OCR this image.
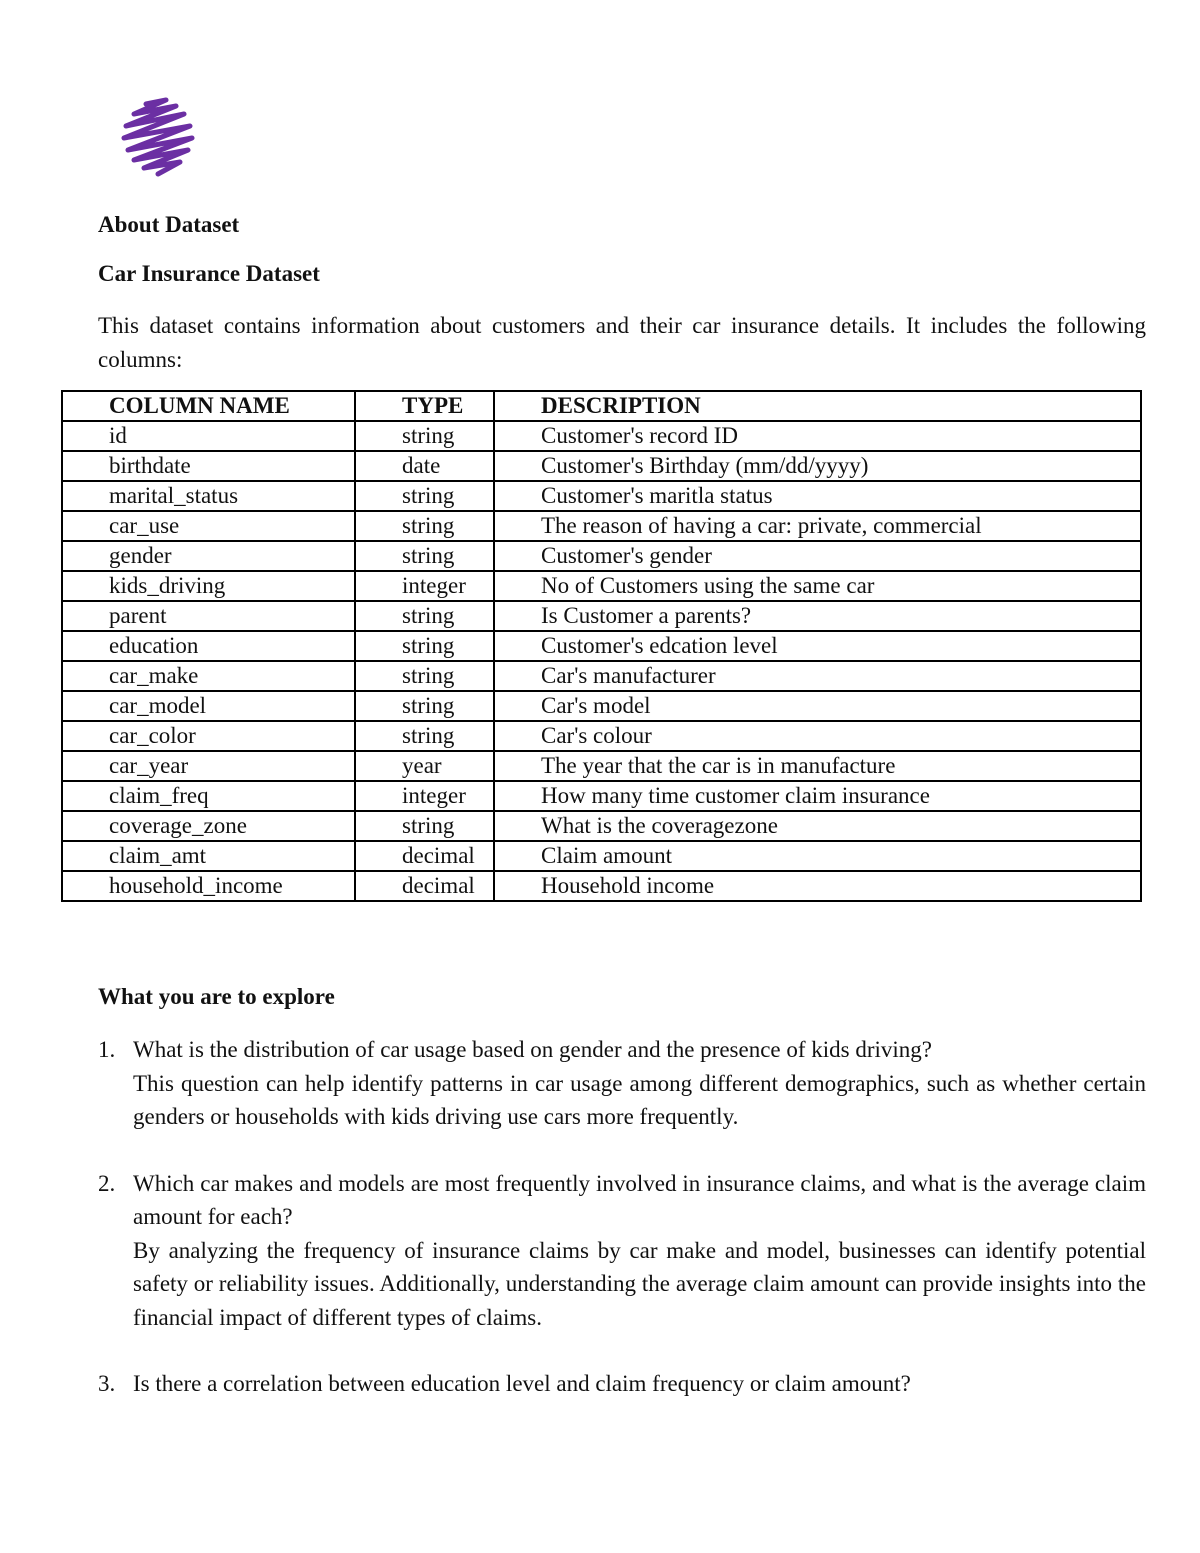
About Dataset
Car Insurance Dataset
This dataset contains information about customers and their car insurance details. It includes the following columns:
COLUMN NAME	TYPE	DESCRIPTION
id	string	Customer's record ID
birthdate	date	Customer's Birthday (mm/dd/yyyy)
marital_status	string	Customer's maritla status
car_use	string	The reason of having a car: private, commercial
gender	string	Customer's gender
kids_driving	integer	No of Customers using the same car
parent	string	Is Customer a parents?
education	string	Customer's edcation level
car_make	string	Car's manufacturer
car_model	string	Car's model
car_color	string	Car's colour
car_year	year	The year that the car is in manufacture
claim_freq	integer	How many time customer claim insurance
coverage_zone	string	What is the coveragezone
claim_amt	decimal	Claim amount
household_income	decimal	Household income
What you are to explore
1. What is the distribution of car usage based on gender and the presence of kids driving?
This question can help identify patterns in car usage among different demographics, such as whether certain genders or households with kids driving use cars more frequently.
2. Which car makes and models are most frequently involved in insurance claims, and what is the average claim amount for each?
By analyzing the frequency of insurance claims by car make and model, businesses can identify potential safety or reliability issues. Additionally, understanding the average claim amount can provide insights into the financial impact of different types of claims.
3. Is there a correlation between education level and claim frequency or claim amount?
